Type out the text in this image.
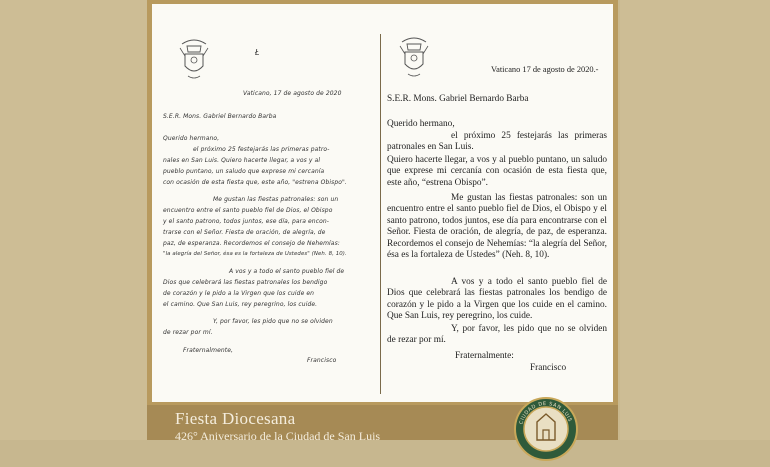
Ł
Vaticano, 17 de agosto de 2020
S.E.R. Mons. Gabriel Bernardo Barba
Querido hermano,
el próximo 25 festejarás las primeras patro-
nales en San Luis. Quiero hacerte llegar, a vos y al
pueblo puntano, un saludo que exprese mi cercanía
con ocasión de esta fiesta que, este año, "estrena Obispo".
Me gustan las fiestas patronales: son un
encuentro entre el santo pueblo fiel de Dios, el Obispo
y el santo patrono, todos juntos, ese día, para encon-
trarse con el Señor. Fiesta de oración, de alegría, de
paz, de esperanza. Recordemos el consejo de Nehemías:
"la alegría del Señor, ésa es la fortaleza de Ustedes" (Neh. 8, 10).
A vos y a todo el santo pueblo fiel de
Dios que celebrará las fiestas patronales los bendigo
de corazón y le pido a la Virgen que los cuide en
el camino. Que San Luis, rey peregrino, los cuide.
Y, por favor, les pido que no se olviden
de rezar por mí.
Fraternalmente,
Francisco
Vaticano 17 de agosto de 2020.-
S.E.R. Mons. Gabriel Bernardo Barba
Querido hermano,
el próximo 25 festejarás las primeras patronales en San Luis.
Quiero hacerte llegar, a vos y al pueblo puntano, un saludo que exprese mi cercanía con ocasión de esta fiesta que, este año, “estrena Obispo”.
Me gustan las fiestas patronales: son un encuentro entre el santo pueblo fiel de Dios, el Obispo y el santo patrono, todos juntos, ese día para encontrarse con el Señor. Fiesta de oración, de alegría, de paz, de esperanza. Recordemos el consejo de Nehemías: “la alegría del Señor, ésa es la fortaleza de Ustedes” (Neh. 8, 10).
A vos y a todo el santo pueblo fiel de Dios que celebrará las fiestas patronales los bendigo de corazón y le pido a la Virgen que los cuide en el camino. Que San Luis, rey peregrino, los cuide.
Y, por favor, les pido que no se olviden de rezar por mí.
Fraternalmente:
Francisco
Fiesta Diocesana
426° Aniversario de la Ciudad de San Luis
CIUDAD DE SAN LUIS
